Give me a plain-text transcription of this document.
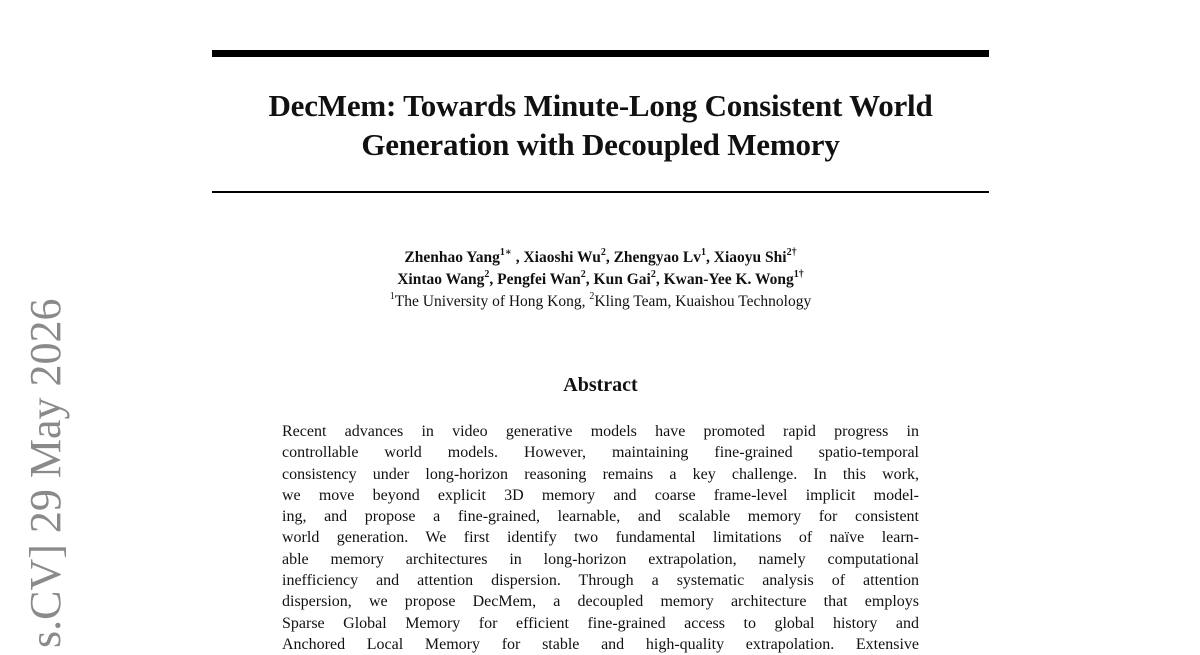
DecMem: Towards Minute-Long Consistent World
Generation with Decoupled Memory
Zhenhao Yang$^{1∗}$ , Xiaoshi Wu$^2$, Zhengyao Lv$^1$, Xiaoyu Shi$^{2\dagger}$
Xintao Wang$^2$, Pengfei Wan$^2$, Kun Gai$^2$, Kwan-Yee K. Wong$^{1\dagger}$
$^1$The University of Hong Kong, $^2$Kling Team, Kuaishou Technology
Abstract
Recent advances in video generative models have promoted rapid progress in
controllable world models. However, maintaining fine-grained spatio-temporal
consistency under long-horizon reasoning remains a key challenge. In this work,
we move beyond explicit 3D memory and coarse frame-level implicit model-
ing, and propose a fine-grained, learnable, and scalable memory for consistent
world generation. We first identify two fundamental limitations of naïve learn-
able memory architectures in long-horizon extrapolation, namely computational
inefficiency and attention dispersion. Through a systematic analysis of attention
dispersion, we propose DecMem, a decoupled memory architecture that employs
Sparse Global Memory for efficient fine-grained access to global history and
Anchored Local Memory for stable and high-quality extrapolation. Extensive
s.CV] 29 May 2026
